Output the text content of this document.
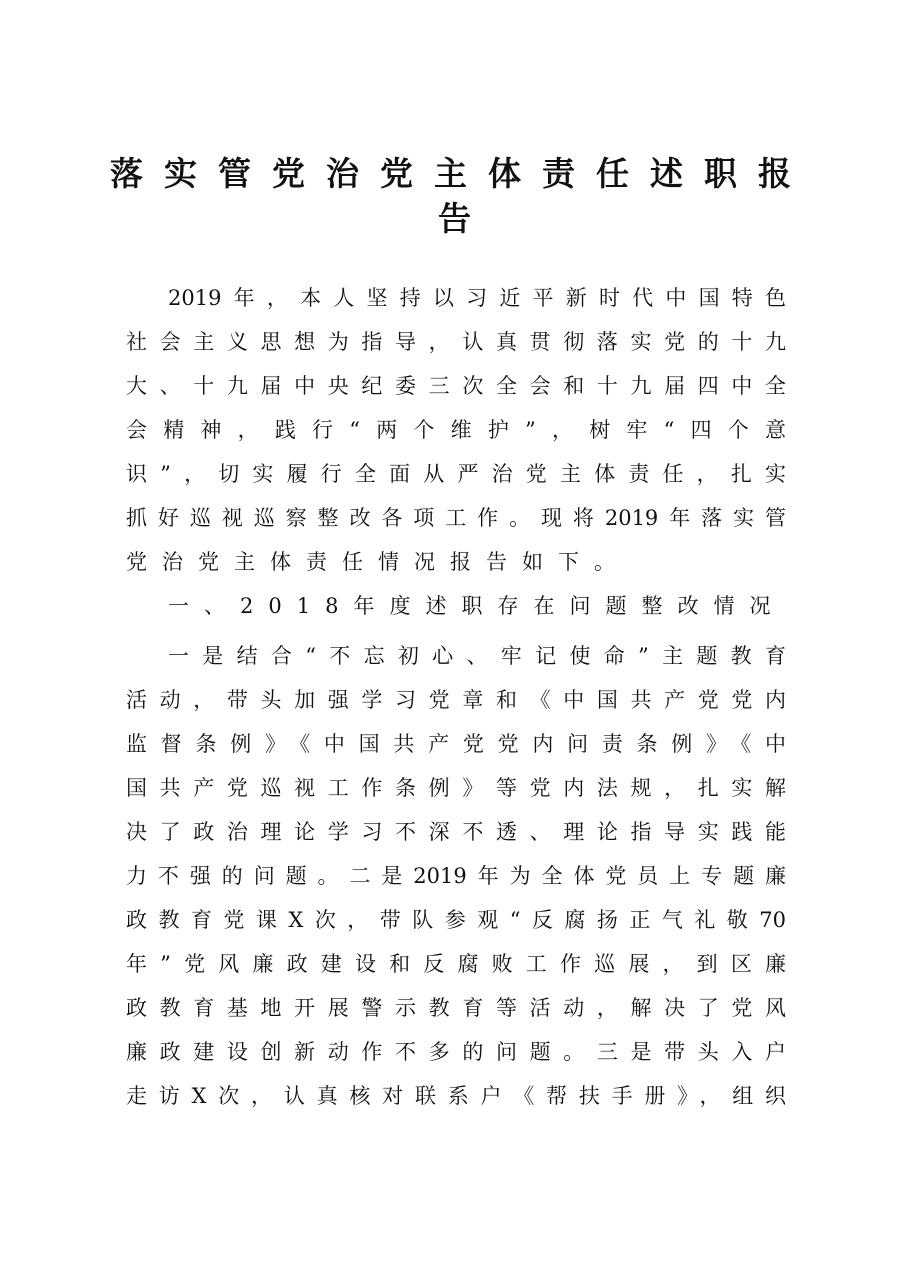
落实管党治党主体责任述职报
告
2019年，本人坚持以习近平新时代中国特色
社会主义思想为指导，认真贯彻落实党的十九
大、十九届中央纪委三次全会和十九届四中全
会精神，践行“两个维护”，树牢“四个意
识”，切实履行全面从严治党主体责任，扎实
抓好巡视巡察整改各项工作。现将2019年落实管
党治党主体责任情况报告如下。
一、2018年度述职存在问题整改情况
一是结合“不忘初心、牢记使命”主题教育
活动，带头加强学习党章和《中国共产党党内
监督条例》《中国共产党党内问责条例》《中
国共产党巡视工作条例》等党内法规，扎实解
决了政治理论学习不深不透、理论指导实践能
力不强的问题。二是2019年为全体党员上专题廉
政教育党课X次，带队参观“反腐扬正气礼敬70
年”党风廉政建设和反腐败工作巡展，到区廉
政教育基地开展警示教育等活动，解决了党风
廉政建设创新动作不多的问题。三是带头入户
走访X次，认真核对联系户《帮扶手册》，组织
